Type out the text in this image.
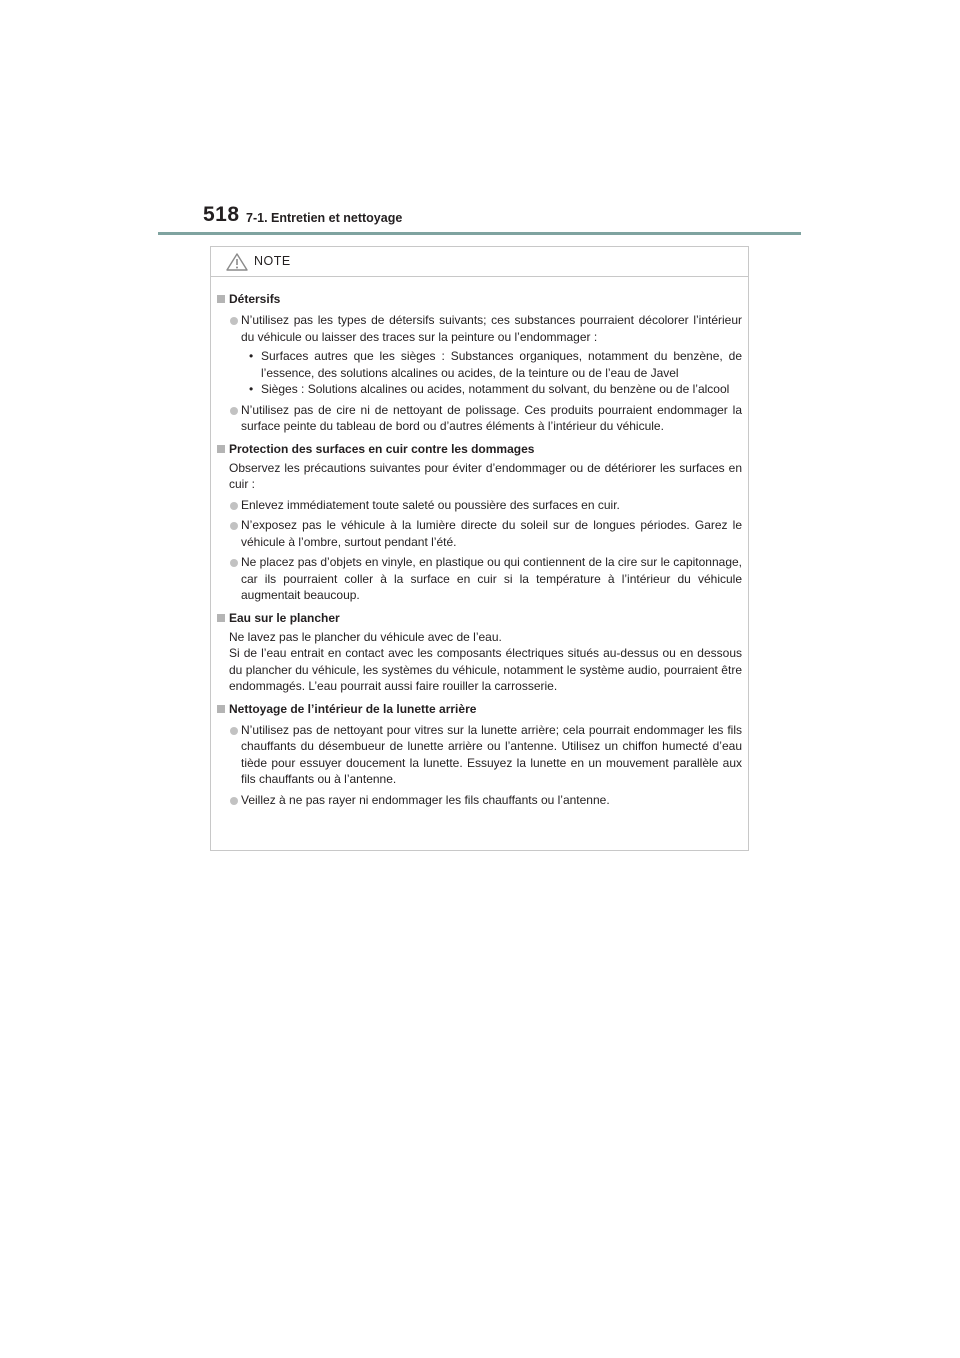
518 7-1. Entretien et nettoyage
NOTE
Détersifs
N’utilisez pas les types de détersifs suivants; ces substances pourraient décolorer l’intérieur du véhicule ou laisser des traces sur la peinture ou l’endommager :
• Surfaces autres que les sièges : Substances organiques, notamment du benzène, de l’essence, des solutions alcalines ou acides, de la teinture ou de l’eau de Javel
• Sièges : Solutions alcalines ou acides, notamment du solvant, du benzène ou de l’alcool
N’utilisez pas de cire ni de nettoyant de polissage. Ces produits pourraient endommager la surface peinte du tableau de bord ou d’autres éléments à l’intérieur du véhicule.
Protection des surfaces en cuir contre les dommages
Observez les précautions suivantes pour éviter d’endommager ou de détériorer les surfaces en cuir :
Enlevez immédiatement toute saleté ou poussière des surfaces en cuir.
N’exposez pas le véhicule à la lumière directe du soleil sur de longues périodes. Garez le véhicule à l’ombre, surtout pendant l’été.
Ne placez pas d’objets en vinyle, en plastique ou qui contiennent de la cire sur le capitonnage, car ils pourraient coller à la surface en cuir si la température à l’intérieur du véhicule augmentait beaucoup.
Eau sur le plancher
Ne lavez pas le plancher du véhicule avec de l’eau.
Si de l’eau entrait en contact avec les composants électriques situés au-dessus ou en dessous du plancher du véhicule, les systèmes du véhicule, notamment le système audio, pourraient être endommagés. L’eau pourrait aussi faire rouiller la carrosserie.
Nettoyage de l’intérieur de la lunette arrière
N’utilisez pas de nettoyant pour vitres sur la lunette arrière; cela pourrait endommager les fils chauffants du désembueur de lunette arrière ou l’antenne. Utilisez un chiffon humecté d’eau tiède pour essuyer doucement la lunette. Essuyez la lunette en un mouvement parallèle aux fils chauffants ou à l’antenne.
Veillez à ne pas rayer ni endommager les fils chauffants ou l’antenne.
